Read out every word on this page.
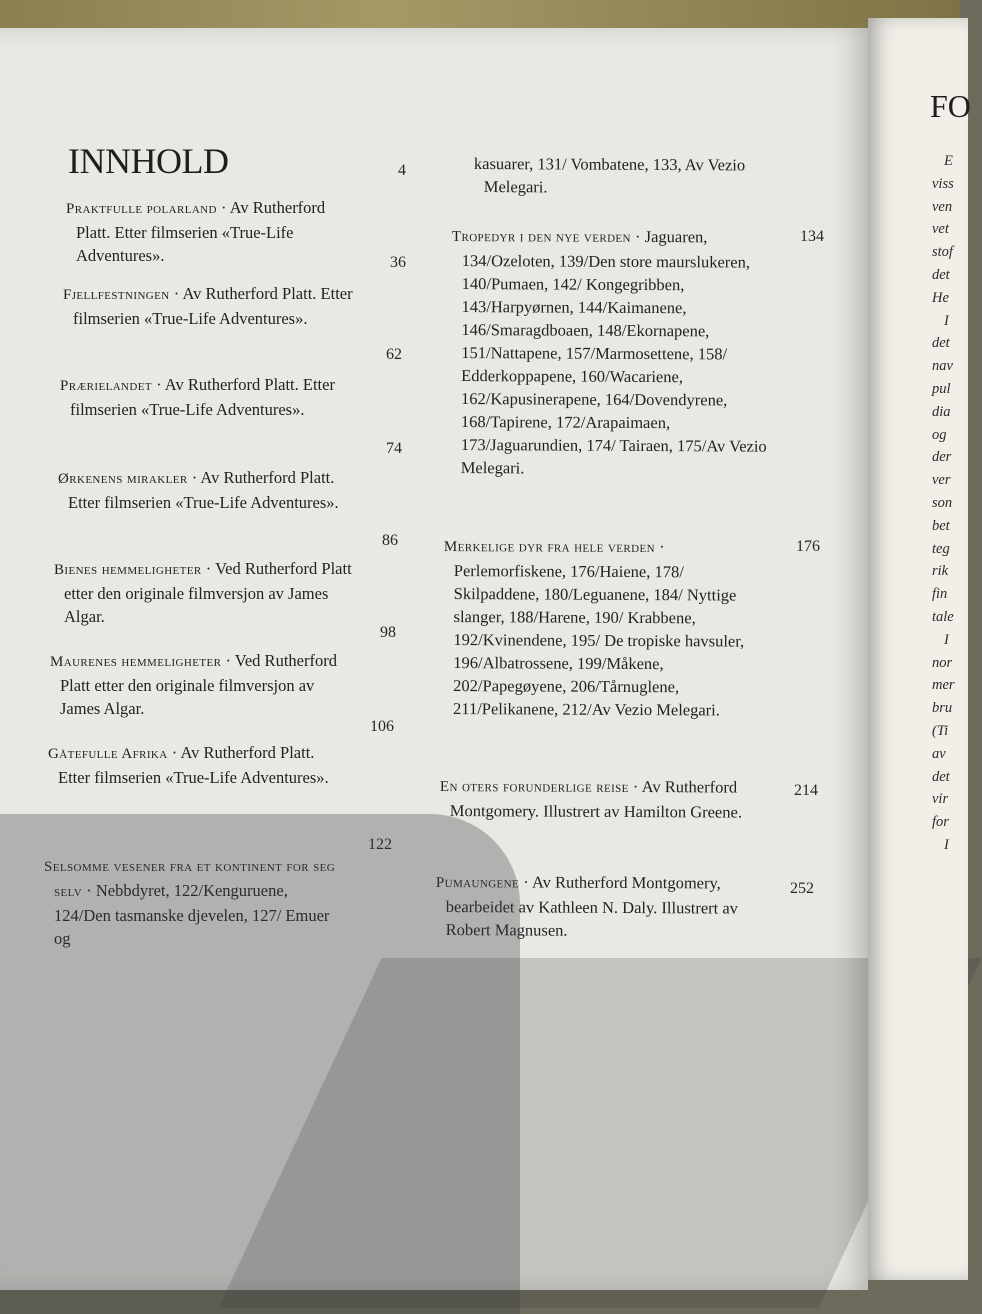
INNHOLD
Praktfulle polarland · Av Rutherford Platt. Etter filmserien «True-Life Adventures».
4
Fjellfestningen · Av Rutherford Platt. Etter filmserien «True-Life Adventures».
36
Prærielandet · Av Rutherford Platt. Etter filmserien «True-Life Adventures».
62
Ørkenens mirakler · Av Rutherford Platt. Etter filmserien «True-Life Adventures».
74
Bienes hemmeligheter · Ved Rutherford Platt etter den originale filmversjon av James Algar.
86
Maurenes hemmeligheter · Ved Rutherford Platt etter den originale filmversjon av James Algar.
98
Gåtefulle Afrika · Av Rutherford Platt. Etter filmserien «True-Life Adventures».
106
Selsomme vesener fra et kontinent for seg selv · Nebbdyret, 122/Kenguruene, 124/Den tasmanske djevelen, 127/ Emuer og
122
kasuarer, 131/ Vombatene, 133, Av Vezio Melegari.
Tropedyr i den nye verden · Jaguaren, 134/Ozeloten, 139/Den store maurslukeren, 140/Pumaen, 142/ Kongegribben, 143/Harpyørnen, 144/Kaimanene, 146/Smaragdboaen, 148/Ekornapene, 151/Nattapene, 157/Marmosettene, 158/ Edderkoppapene, 160/Wacariene, 162/Kapusinerapene, 164/Dovendyrene, 168/Tapirene, 172/Arapaimaen, 173/Jaguarundien, 174/ Tairaen, 175/Av Vezio Melegari.
134
Merkelige dyr fra hele verden · Perlemorfiskene, 176/Haiene, 178/ Skilpaddene, 180/Leguanene, 184/ Nyttige slanger, 188/Harene, 190/ Krabbene, 192/Kvinendene, 195/ De tropiske havsuler, 196/Albatrossene, 199/Måkene, 202/Papegøyene, 206/Tårnuglene, 211/Pelikanene, 212/Av Vezio Melegari.
176
En oters forunderlige reise · Av Rutherford Montgomery. Illustrert av Hamilton Greene.
214
Pumaungene · Av Rutherford Montgomery, bearbeidet av Kathleen N. Daly. Illustrert av Robert Magnusen.
252
FO
E
viss
ven
vet
stof
det
He
I
det
nav
pul
dia
og
der
ver
son
bet
teg
rik
fin
tale
I
nor
mer
bru
(Ti
av
det
vir
for
I
